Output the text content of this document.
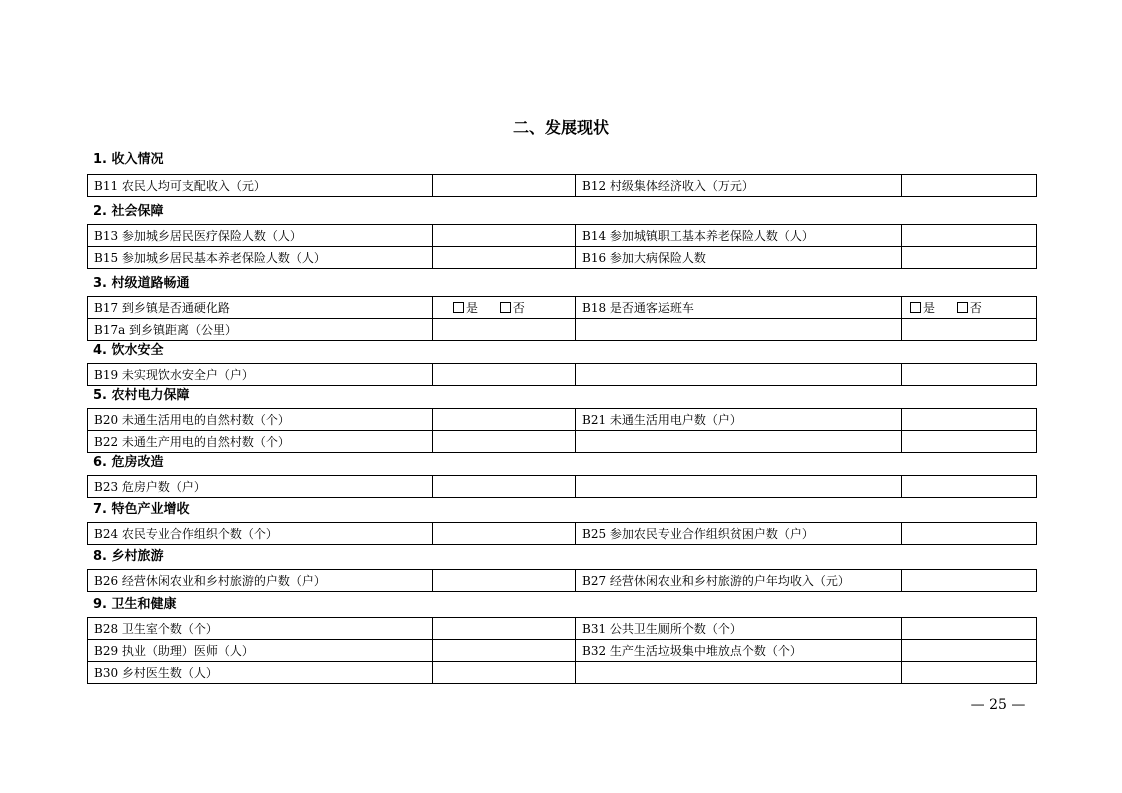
二、发展现状
1. 收入情况
B11 农民人均可支配收入（元）		B12 村级集体经济收入（万元）	
2. 社会保障
B13 参加城乡居民医疗保险人数（人）		B14 参加城镇职工基本养老保险人数（人）	
B15 参加城乡居民基本养老保险人数（人）		B16 参加大病保险人数	
3. 村级道路畅通
B17 到乡镇是否通硬化路	是 否	B18 是否通客运班车	是 否
B17a 到乡镇距离（公里）			
4. 饮水安全
B19 未实现饮水安全户（户）			
5. 农村电力保障
B20 未通生活用电的自然村数（个）		B21 未通生活用电户数（户）	
B22 未通生产用电的自然村数（个）			
6. 危房改造
B23 危房户数（户）			
7. 特色产业增收
B24 农民专业合作组织个数（个）		B25 参加农民专业合作组织贫困户数（户）	
8. 乡村旅游
B26 经营休闲农业和乡村旅游的户数（户）		B27 经营休闲农业和乡村旅游的户年均收入（元）	
9. 卫生和健康
B28 卫生室个数（个）		B31 公共卫生厕所个数（个）	
B29 执业（助理）医师（人）		B32 生产生活垃圾集中堆放点个数（个）	
B30 乡村医生数（人）			
— 25 —
